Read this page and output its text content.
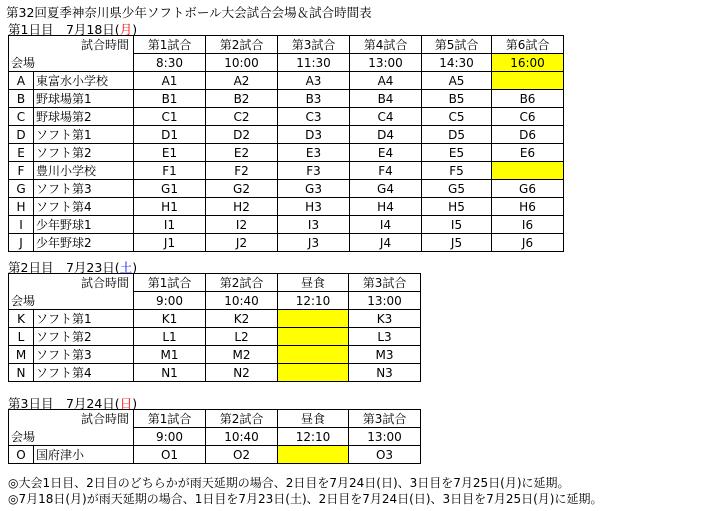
第32回夏季神奈川県少年ソフトボール大会試合会場＆試合時間表
第1日目　7月18日(月)
試合時間		第1試合	第2試合	第3試合	第4試合	第5試合	第6試合
会場		8:30	10:00	11:30	13:00	14:30	16:00
A	東富水小学校	A1	A2	A3	A4	A5	
B	野球場第1	B1	B2	B3	B4	B5	B6
C	野球場第2	C1	C2	C3	C4	C5	C6
D	ソフト第1	D1	D2	D3	D4	D5	D6
E	ソフト第2	E1	E2	E3	E4	E5	E6
F	豊川小学校	F1	F2	F3	F4	F5	
G	ソフト第3	G1	G2	G3	G4	G5	G6
H	ソフト第4	H1	H2	H3	H4	H5	H6
I	少年野球1	I1	I2	I3	I4	I5	I6
J	少年野球2	J1	J2	J3	J4	J5	J6
第2日目　7月23日(土)
試合時間		第1試合	第2試合	昼食	第3試合
会場		9:00	10:40	12:10	13:00
K	ソフト第1	K1	K2		K3
L	ソフト第2	L1	L2		L3
M	ソフト第3	M1	M2		M3
N	ソフト第4	N1	N2		N3
第3日目　7月24日(日)
試合時間		第1試合	第2試合	昼食	第3試合
会場		9:00	10:40	12:10	13:00
O	国府津小	O1	O2		O3
◎大会1日目、2日目のどちらかが雨天延期の場合、2日目を7月24日(日)、3日目を7月25日(月)に延期。
◎7月18日(月)が雨天延期の場合、1日目を7月23日(土)、2日目を7月24日(日)、3日目を7月25日(月)に延期。
